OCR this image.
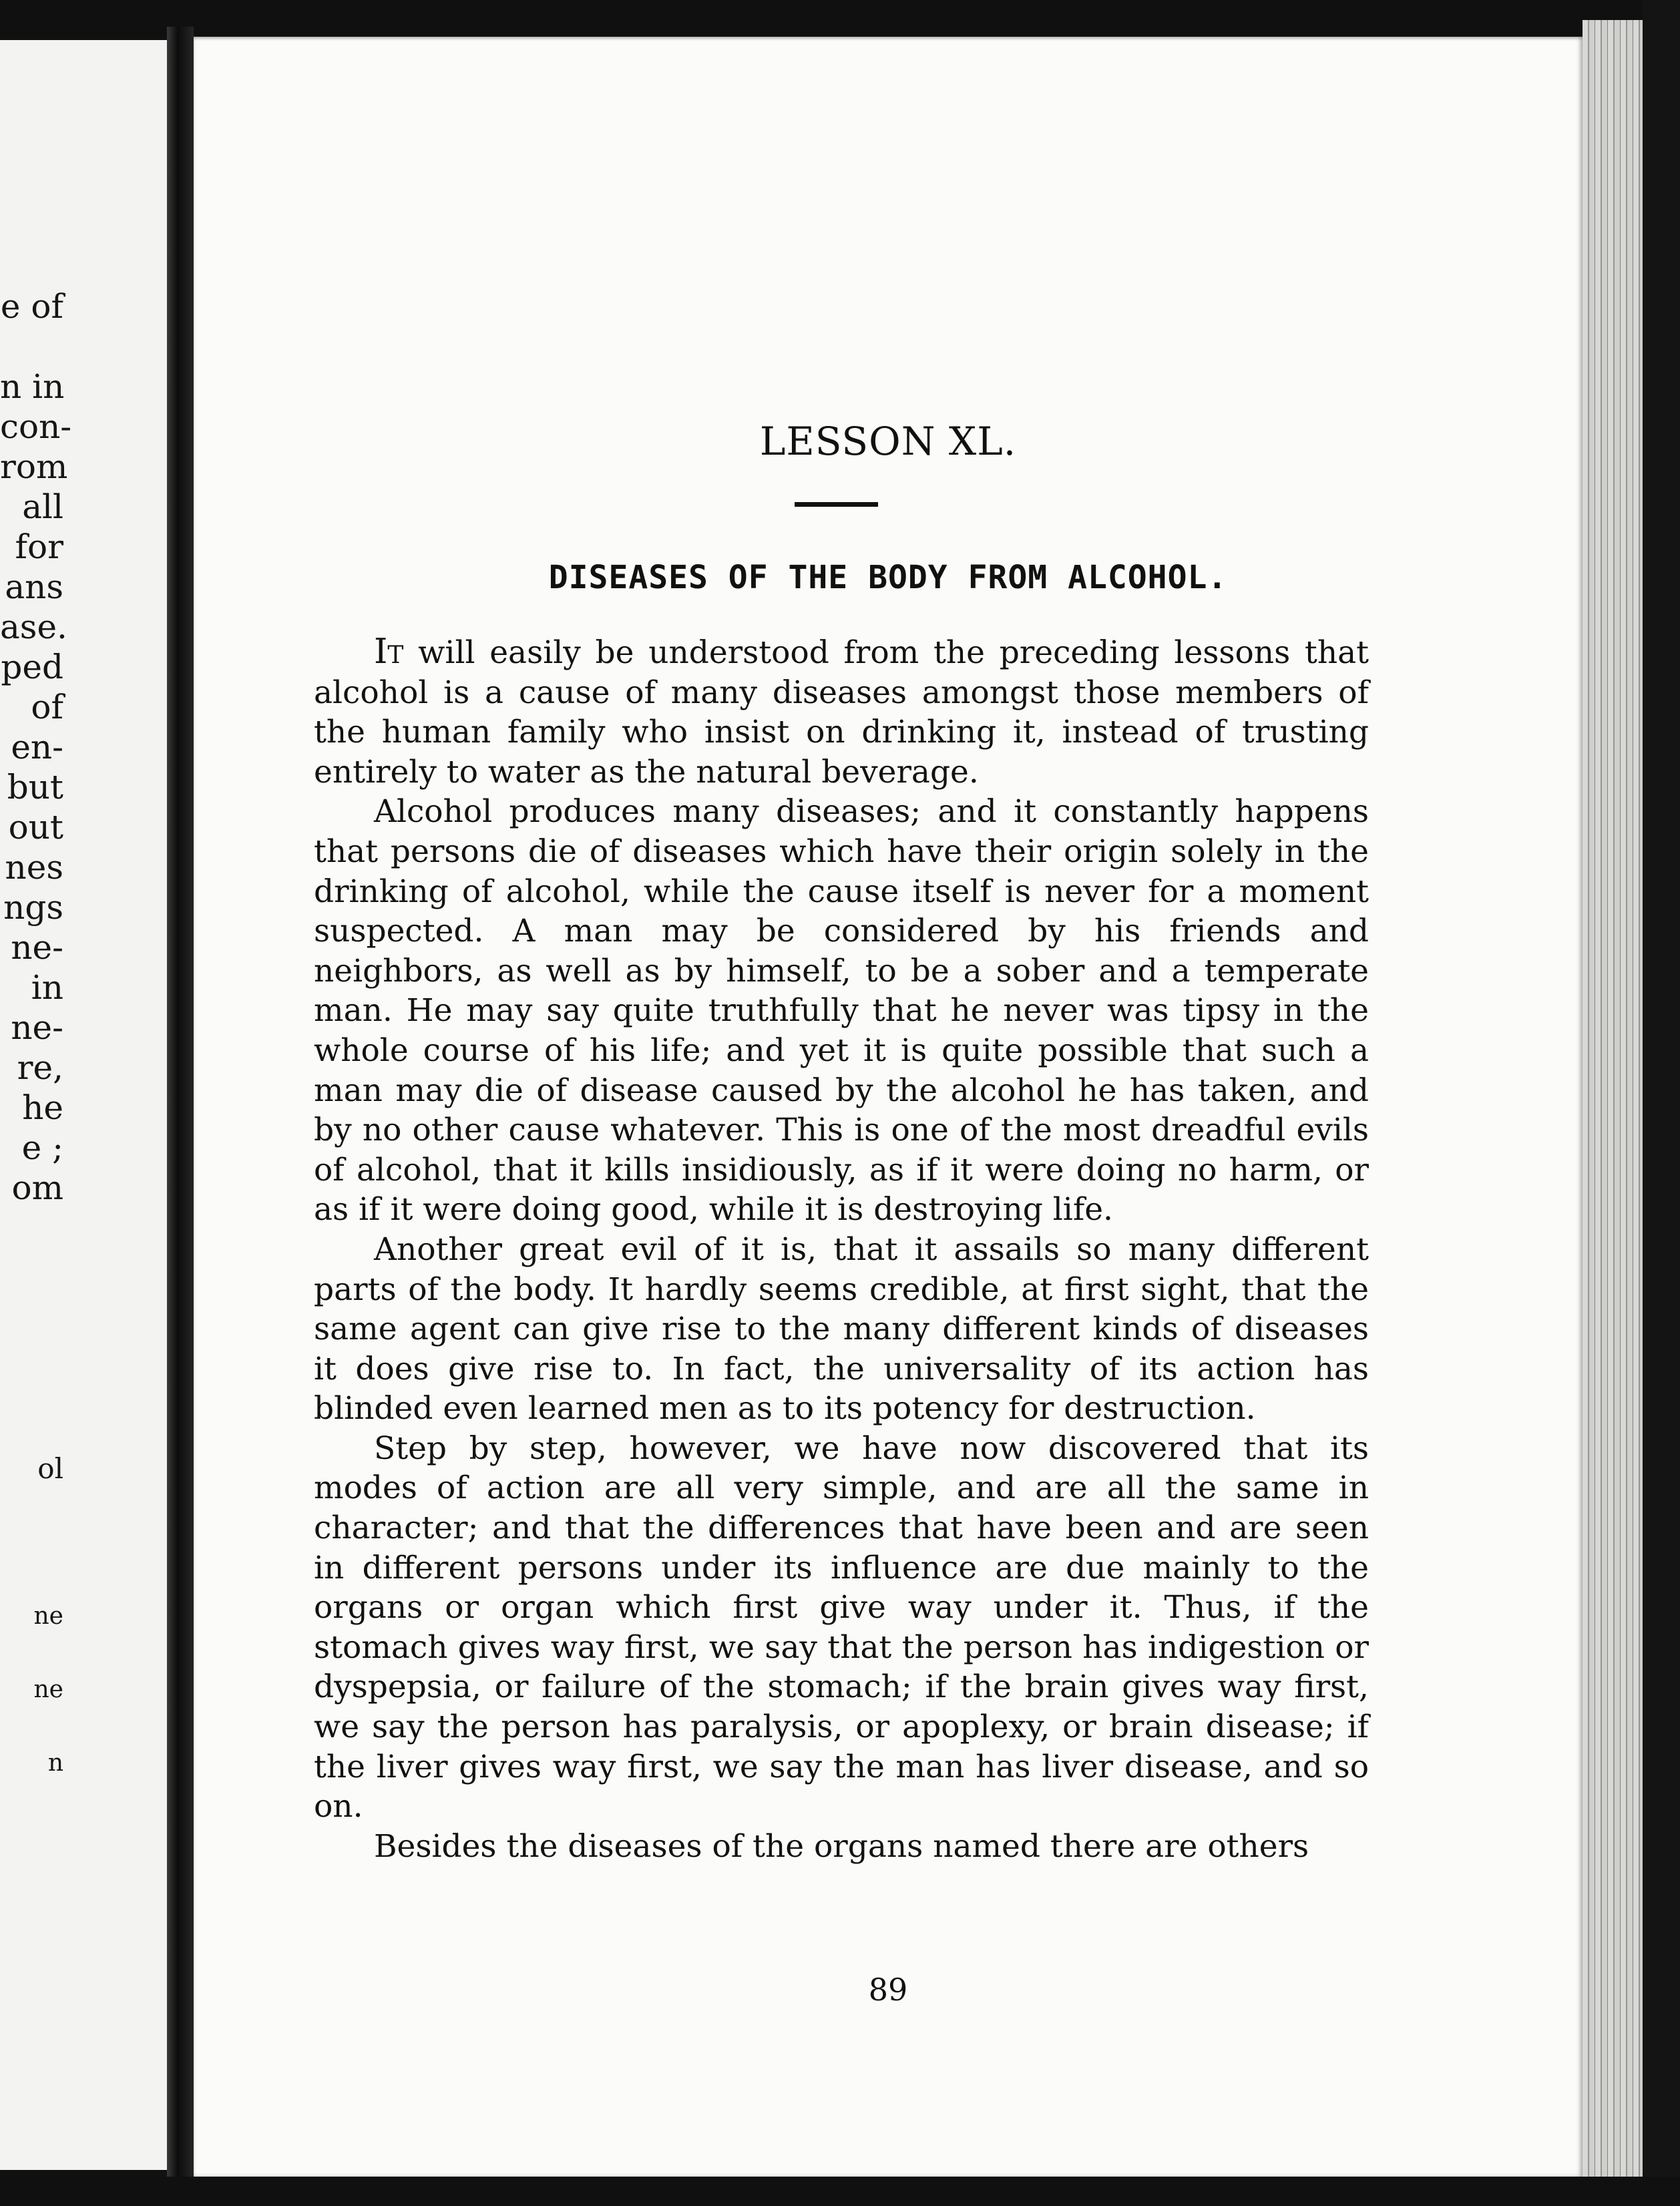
e of
n in
con-
rom
all
for
ans
ase.
ped
of
en-
but
out
nes
ngs
ne-
in
ne-
re,
he
e ;
om
ol
ne
ne
n
LESSON XL.
DISEASES OF THE BODY FROM ALCOHOL.

It will easily be understood from the preceding lessons that alcohol is a cause of many diseases amongst those members of the human family who insist on drinking it, instead of trusting entirely to water as the natural beverage.

Alcohol produces many diseases; and it constantly happens that persons die of diseases which have their origin solely in the drinking of alcohol, while the cause itself is never for a moment suspected. A man may be considered by his friends and neighbors, as well as by himself, to be a sober and a temperate man. He may say quite truthfully that he never was tipsy in the whole course of his life; and yet it is quite possible that such a man may die of disease caused by the alcohol he has taken, and by no other cause whatever. This is one of the most dreadful evils of alcohol, that it kills insidiously, as if it were doing no harm, or as if it were doing good, while it is destroying life.

Another great evil of it is, that it assails so many different parts of the body. It hardly seems credible, at first sight, that the same agent can give rise to the many different kinds of diseases it does give rise to. In fact, the universality of its action has blinded even learned men as to its potency for destruction.

Step by step, however, we have now discovered that its modes of action are all very simple, and are all the same in character; and that the differences that have been and are seen in different persons under its influence are due mainly to the organs or organ which first give way under it. Thus, if the stomach gives way first, we say that the person has indigestion or dyspepsia, or failure of the stomach; if the brain gives way first, we say the person has paralysis, or apoplexy, or brain disease; if the liver gives way first, we say the man has liver disease, and so on.

Besides the diseases of the organs named there are others

89
